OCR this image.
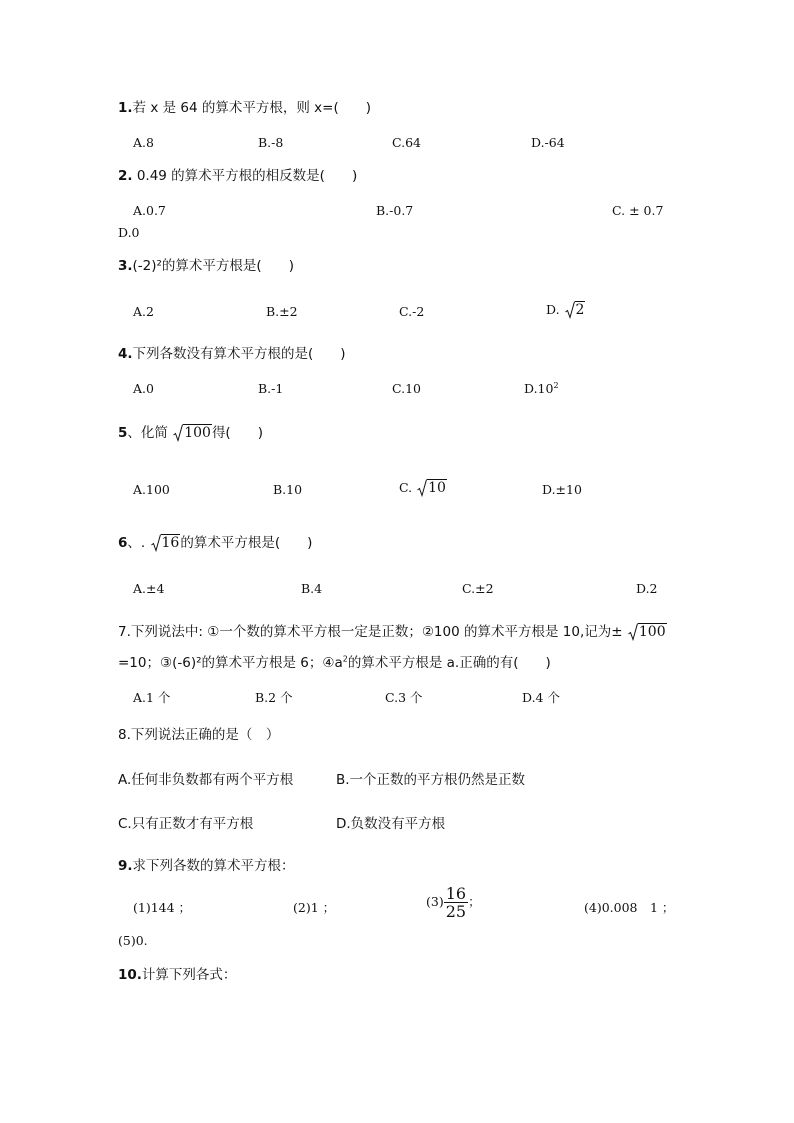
1.若 x 是 64 的算术平方根，则 x=(　　)
A.8	B.-8	C.64	D.-64
2. 0.49 的算术平方根的相反数是(　　)
A.0.7	B.-0.7	C. ± 0.7
D.0
3.(-2)²的算术平方根是(　　)
A.2	B.±2	C.-2	D. 2
4.下列各数没有算术平方根的是(　　)
A.0	B.-1	C.10	$D.10^2$
5、化简 100得(　　)
A.100	B.10	C. 10	D.±10
6、. 16的算术平方根是(　　)
A.±4	B.4	C.±2	D.2
7.下列说法中: ①一个数的算术平方根一定是正数；②100 的算术平方根是 10,记为± 100
=10；③(-6)²的算术平方根是 6；$④a^2$的算术平方根是 a.正确的有(　　)
A.1 个	B.2 个	C.3 个	D.4 个
8.下列说法正确的是（　）
A.任何非负数都有两个平方根	B.一个正数的平方根仍然是正数
C.只有正数才有平方根	D.负数没有平方根
9.求下列各数的算术平方根：
(1)144 ；	(2)1 ；	$(3) \frac{16}{25}$ ；	(4)0.008　1 ；
(5)0.
10.计算下列各式：
